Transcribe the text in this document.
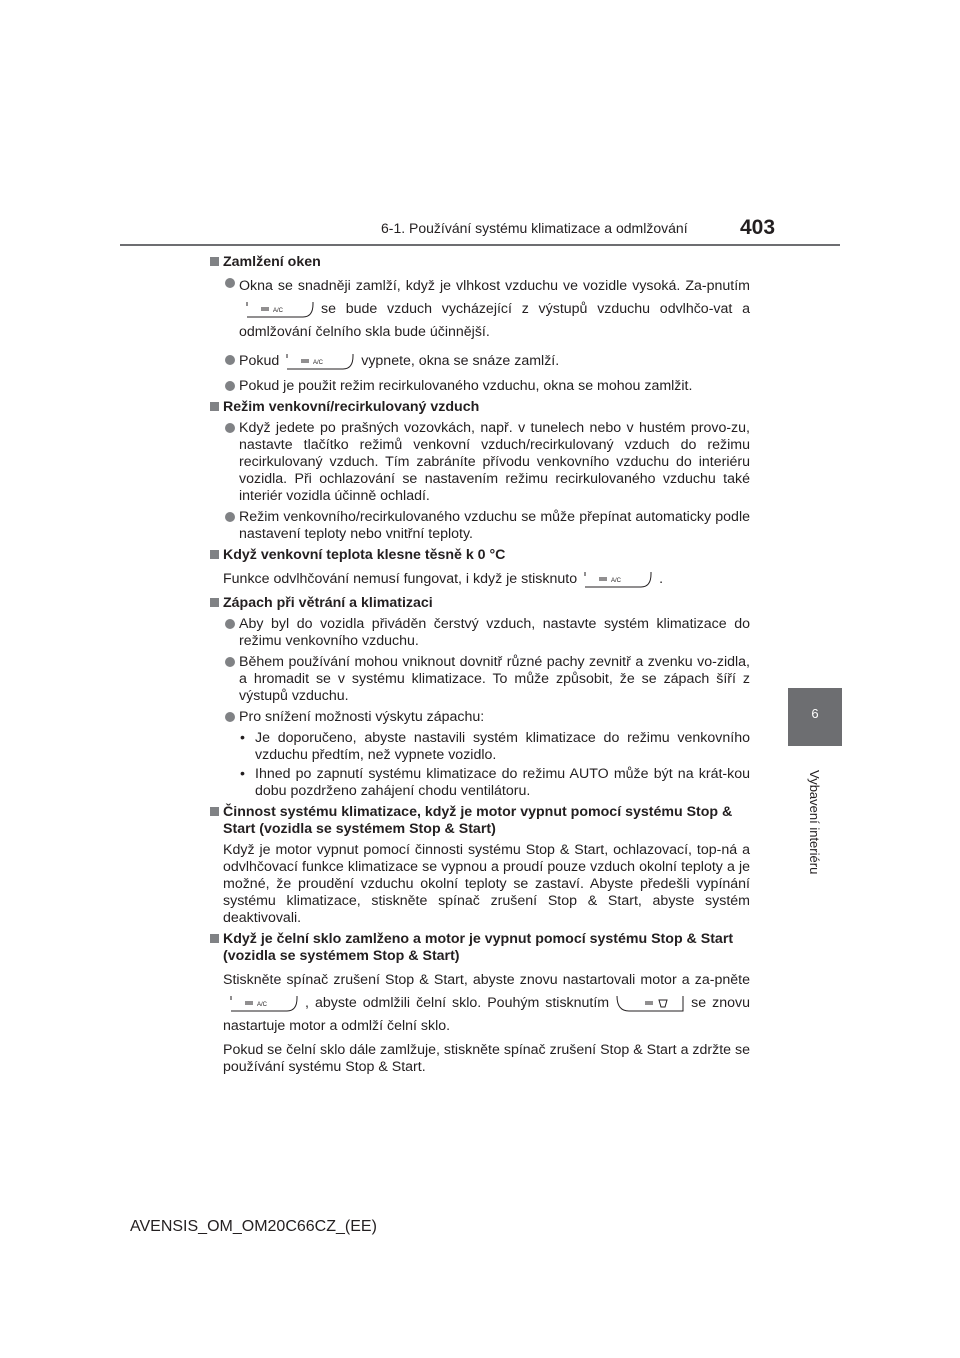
6-1. Používání systému klimatizace a odmlžování 403
6
Vybavení interiéru
Zamlžení oken
Okna se snadněji zamlží, když je vlhkost vzduchu ve vozidle vysoká. Za-pnutím
A/C	se bude vzduch vycházející z výstupů vzduchu odvlhčo-vat a odmlžování čelního skla bude účinnější.
Pokud	A/C	vypnete, okna se snáze zamlží.
Pokud je použit režim recirkulovaného vzduchu, okna se mohou zamlžit.
Režim venkovní/recirkulovaný vzduch
Když jedete po prašných vozovkách, např. v tunelech nebo v hustém provo-zu, nastavte tlačítko režimů venkovní vzduch/recirkulovaný vzduch do režimu recirkulovaný vzduch. Tím zabráníte přívodu venkovního vzduchu do interiéru vozidla. Při ochlazování se nastavením režimu recirkulovaného vzduchu také interiér vozidla účinně ochladí.
Režim venkovního/recirkulovaného vzduchu se může přepínat automaticky podle nastavení teploty nebo vnitřní teploty.
Když venkovní teplota klesne těsně k 0 °C
Funkce odvlhčování nemusí fungovat, i když je stisknuto	A/C	.
Zápach při větrání a klimatizaci
Aby byl do vozidla přiváděn čerstvý vzduch, nastavte systém klimatizace do režimu venkovního vzduchu.
Během používání mohou vniknout dovnitř různé pachy zevnitř a zvenku vo-zidla, a hromadit se v systému klimatizace. To může způsobit, že se zápach šíří z výstupů vzduchu.
Pro snížení možnosti výskytu zápachu:
• Je doporučeno, abyste nastavili systém klimatizace do režimu venkovního vzduchu předtím, než vypnete vozidlo.
• Ihned po zapnutí systému klimatizace do režimu AUTO může být na krát-kou dobu pozdrženo zahájení chodu ventilátoru.
Činnost systému klimatizace, když je motor vypnut pomocí systému Stop & Start (vozidla se systémem Stop & Start)
Když je motor vypnut pomocí činnosti systému Stop & Start, ochlazovací, top-ná a odvlhčovací funkce klimatizace se vypnou a proudí pouze vzduch okolní teploty a je možné, že proudění vzduchu okolní teploty se zastaví. Abyste předešli vypínání systému klimatizace, stiskněte spínač zrušení Stop & Start, abyste systém deaktivovali.
Když je čelní sklo zamlženo a motor je vypnut pomocí systému Stop & Start (vozidla se systémem Stop & Start)
Stiskněte spínač zrušení Stop & Start, abyste znovu nastartovali motor a za-pněte
A/C	, abyste odmlžili čelní sklo. Pouhým stisknutím	se znovu nastartuje motor a odmlží čelní sklo.
Pokud se čelní sklo dále zamlžuje, stiskněte spínač zrušení Stop & Start a zdržte se používání systému Stop & Start.
AVENSIS_OM_OM20C66CZ_(EE)
